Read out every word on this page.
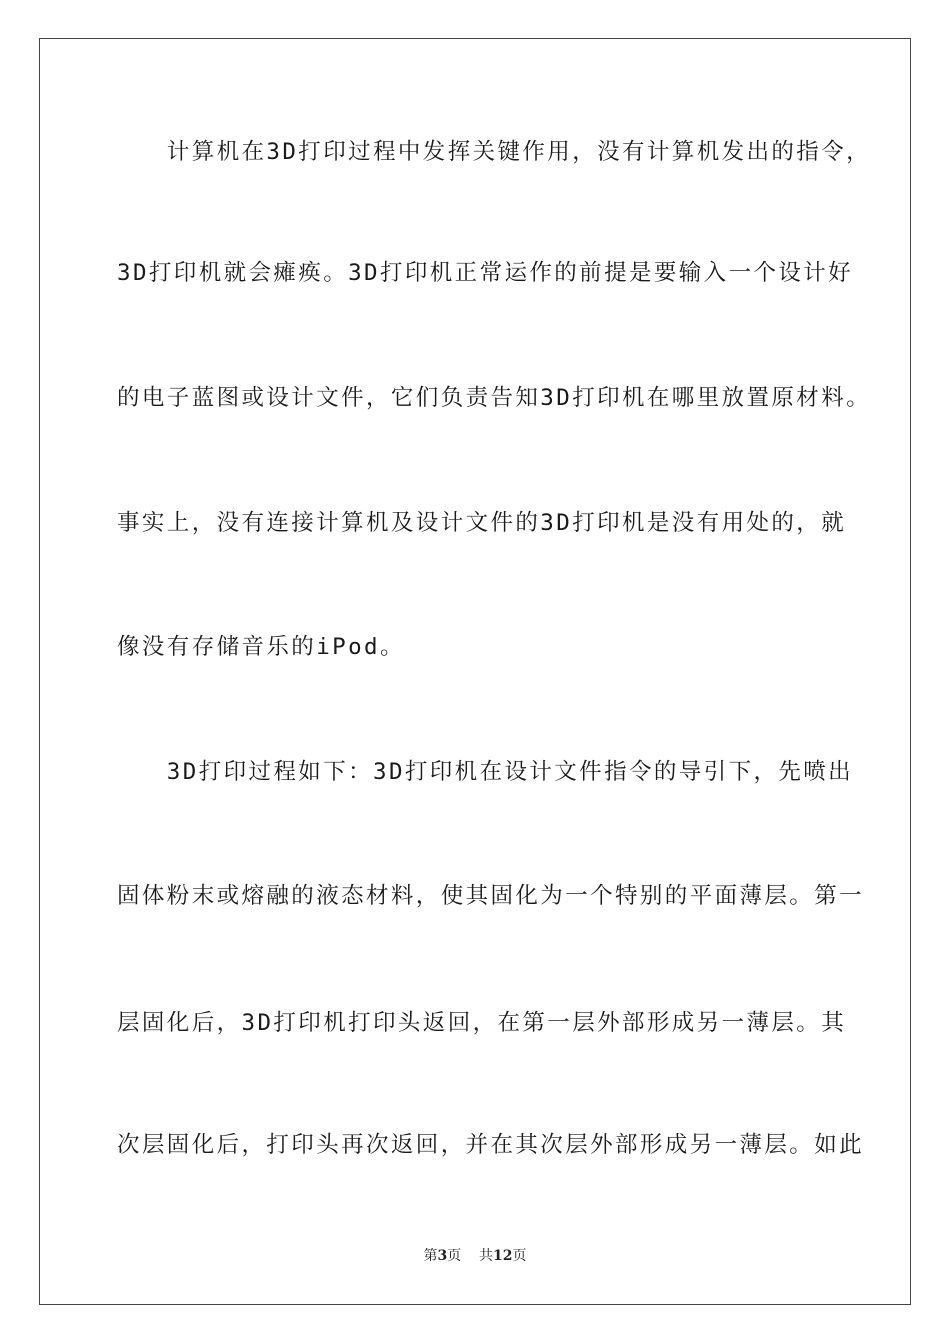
　　计算机在3D打印过程中发挥关键作用，没有计算机发出的指令，
3D打印机就会瘫痪。3D打印机正常运作的前提是要输入一个设计好
的电子蓝图或设计文件，它们负责告知3D打印机在哪里放置原材料。
事实上，没有连接计算机及设计文件的3D打印机是没有用处的，就
像没有存储音乐的iPod。
　　3D打印过程如下：3D打印机在设计文件指令的导引下，先喷出
固体粉末或熔融的液态材料，使其固化为一个特别的平面薄层。第一
层固化后，3D打印机打印头返回，在第一层外部形成另一薄层。其
次层固化后，打印头再次返回，并在其次层外部形成另一薄层。如此
第3页 共12页
